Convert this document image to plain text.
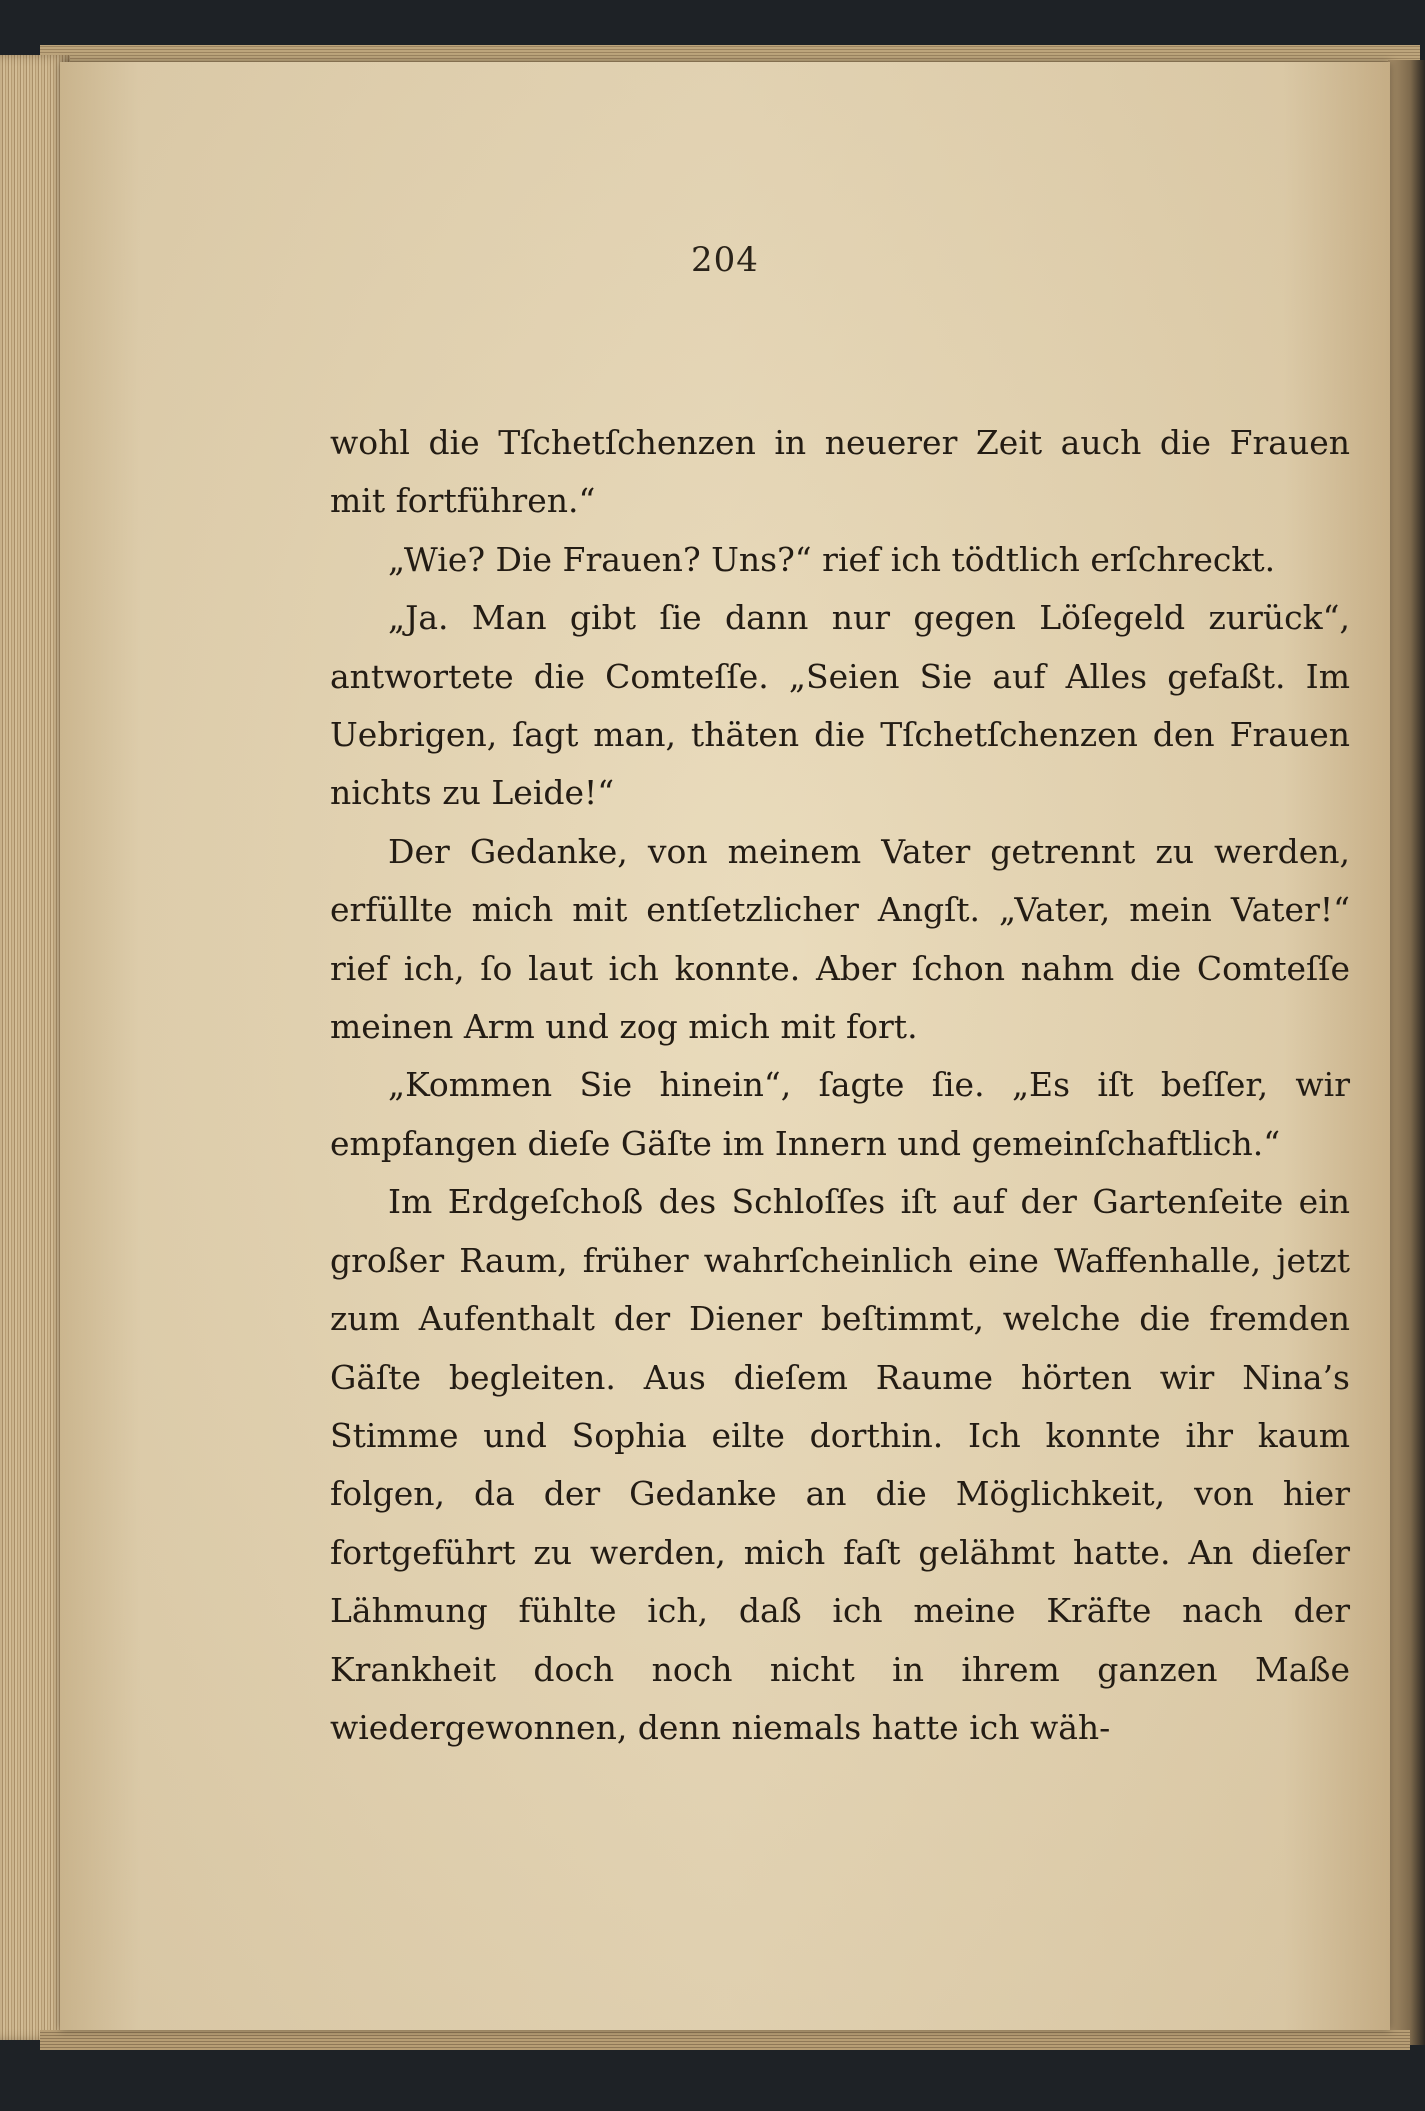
204

wohl die Tſchetſchenzen in neuerer Zeit auch die Frauen mit fortführen.“

„Wie? Die Frauen? Uns?“ rief ich tödtlich erſchreckt.

„Ja. Man gibt ſie dann nur gegen Löſegeld zurück“, antwortete die Comteſſe. „Seien Sie auf Alles gefaßt. Im Uebrigen, ſagt man, thäten die Tſchetſchenzen den Frauen nichts zu Leide!“

Der Gedanke, von meinem Vater getrennt zu werden, erfüllte mich mit entſetzlicher Angſt. „Vater, mein Vater!“ rief ich, ſo laut ich konnte. Aber ſchon nahm die Comteſſe meinen Arm und zog mich mit fort.

„Kommen Sie hinein“, ſagte ſie. „Es iſt beſſer, wir empfangen dieſe Gäſte im Innern und gemeinſchaftlich.“

Im Erdgeſchoß des Schloſſes iſt auf der Gartenſeite ein großer Raum, früher wahrſcheinlich eine Waffenhalle, jetzt zum Aufenthalt der Diener beſtimmt, welche die fremden Gäſte begleiten. Aus dieſem Raume hörten wir Nina’s Stimme und Sophia eilte dorthin. Ich konnte ihr kaum folgen, da der Gedanke an die Möglichkeit, von hier fortgeführt zu werden, mich faſt gelähmt hatte. An dieſer Lähmung fühlte ich, daß ich meine Kräfte nach der Krankheit doch noch nicht in ihrem ganzen Maße wiedergewonnen, denn niemals hatte ich wäh-
